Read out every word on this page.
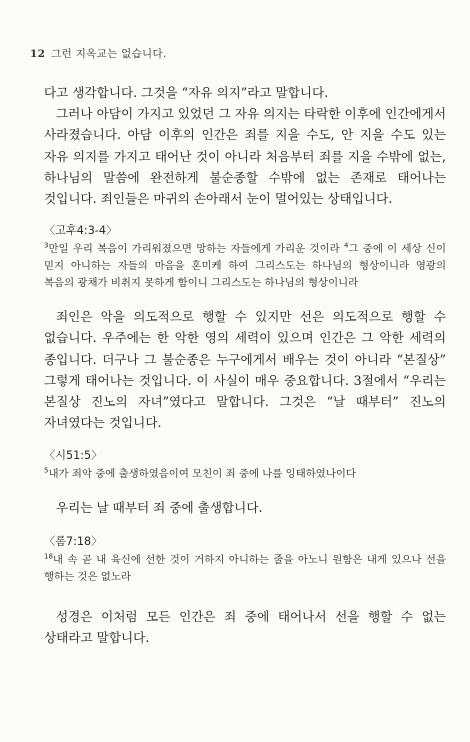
12 그런 지옥교는 없습니다.

다고 생각합니다. 그것을 “자유 의지”라고 말합니다.

그러나 아담이 가지고 있었던 그 자유 의지는 타락한 이후에 인간에게서 사라졌습니다. 아담 이후의 인간은 죄를 지을 수도, 안 지을 수도 있는 자유 의지를 가지고 태어난 것이 아니라 처음부터 죄를 지을 수밖에 없는, 하나님의 말씀에 완전하게 불순종할 수밖에 없는 존재로 태어나는 것입니다. 죄인들은 마귀의 손아래서 눈이 멀어있는 상태입니다.

〈고후4:3-4〉
$^3$만일 우리 복음이 가리워졌으면 망하는 자들에게 가리운 것이라 $^4$그 중에 이 세상 신이 믿지 아니하는 자들의 마음을 혼미케 하여 그리스도는 하나님의 형상이니라 영광의 복음의 광채가 비취지 못하게 함이니 그리스도는 하나님의 형상이니라

죄인은 악을 의도적으로 행할 수 있지만 선은 의도적으로 행할 수 없습니다. 우주에는 한 악한 영의 세력이 있으며 인간은 그 악한 세력의 종입니다. 더구나 그 불순종은 누구에게서 배우는 것이 아니라 “본질상” 그렇게 태어나는 것입니다. 이 사실이 매우 중요합니다. 3절에서 “우리는 본질상 진노의 자녀”였다고 말합니다. 그것은 “날 때부터” 진노의 자녀였다는 것입니다.

〈시51:5〉
$^5$내가 죄악 중에 출생하였음이여 모친이 죄 중에 나를 잉태하였나이다

우리는 날 때부터 죄 중에 출생합니다.

〈롬7:18〉
$^{18}$내 속 곧 내 육신에 선한 것이 거하지 아니하는 줄을 아노니 원함은 내게 있으나 선을 행하는 것은 없노라

성경은 이처럼 모든 인간은 죄 중에 태어나서 선을 행할 수 없는 상태라고 말합니다.
